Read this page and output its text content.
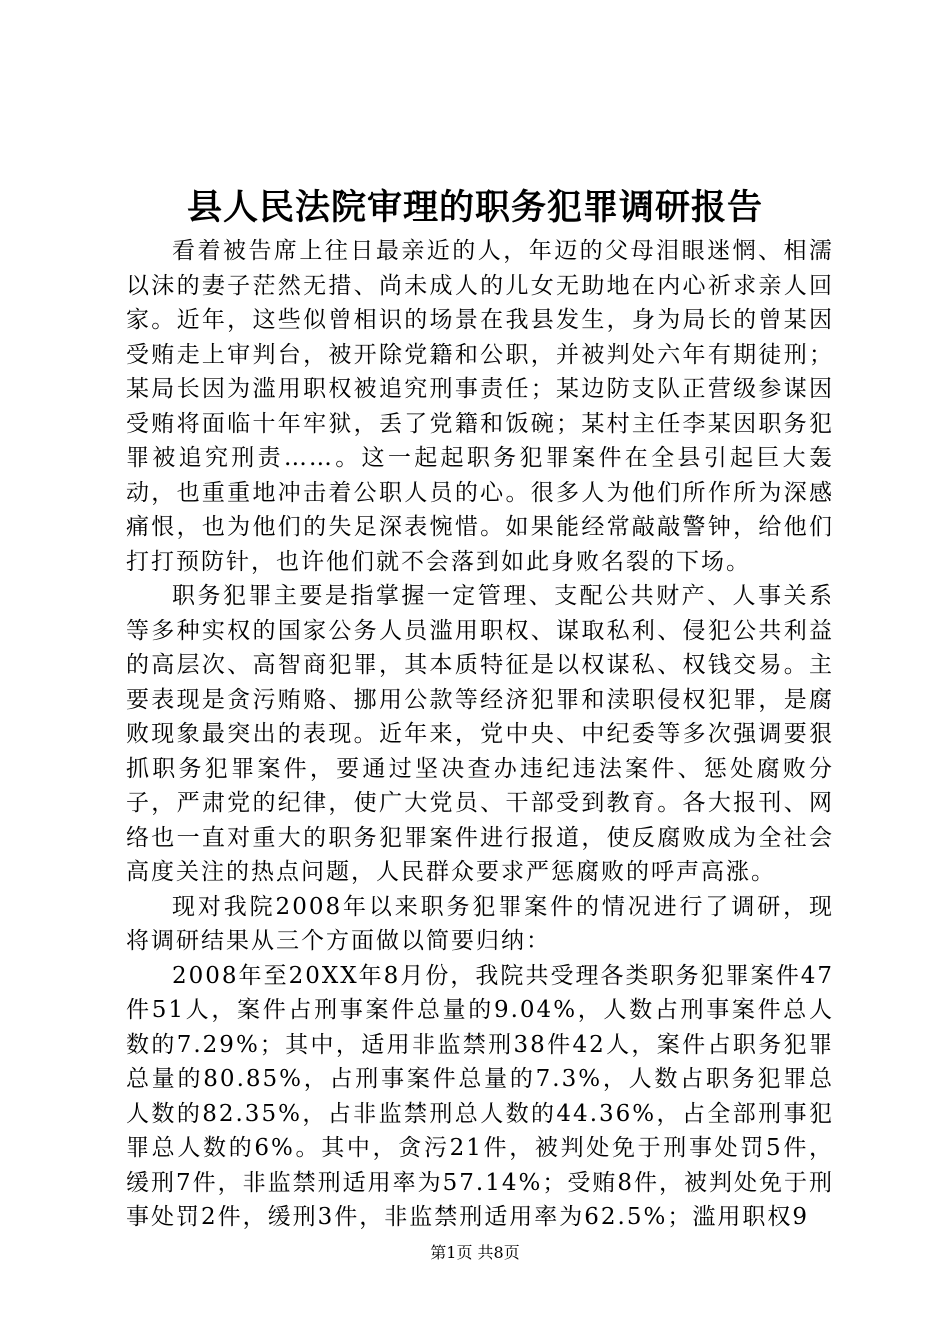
县人民法院审理的职务犯罪调研报告

看着被告席上往日最亲近的人，年迈的父母泪眼迷惘、相濡以沫的妻子茫然无措、尚未成人的儿女无助地在内心祈求亲人回家。近年，这些似曾相识的场景在我县发生，身为局长的曾某因受贿走上审判台，被开除党籍和公职，并被判处六年有期徒刑；某局长因为滥用职权被追究刑事责任；某边防支队正营级参谋因受贿将面临十年牢狱，丢了党籍和饭碗；某村主任李某因职务犯罪被追究刑责……。这一起起职务犯罪案件在全县引起巨大轰动，也重重地冲击着公职人员的心。很多人为他们所作所为深感痛恨，也为他们的失足深表惋惜。如果能经常敲敲警钟，给他们打打预防针，也许他们就不会落到如此身败名裂的下场。

职务犯罪主要是指掌握一定管理、支配公共财产、人事关系等多种实权的国家公务人员滥用职权、谋取私利、侵犯公共利益的高层次、高智商犯罪，其本质特征是以权谋私、权钱交易。主要表现是贪污贿赂、挪用公款等经济犯罪和渎职侵权犯罪，是腐败现象最突出的表现。近年来，党中央、中纪委等多次强调要狠抓职务犯罪案件，要通过坚决查办违纪违法案件、惩处腐败分子，严肃党的纪律，使广大党员、干部受到教育。各大报刊、网络也一直对重大的职务犯罪案件进行报道，使反腐败成为全社会高度关注的热点问题，人民群众要求严惩腐败的呼声高涨。

现对我院2008年以来职务犯罪案件的情况进行了调研，现将调研结果从三个方面做以简要归纳：

2008年至20XX年8月份，我院共受理各类职务犯罪案件47件51人，案件占刑事案件总量的9.04%，人数占刑事案件总人数的7.29%；其中，适用非监禁刑38件42人，案件占职务犯罪总量的80.85%，占刑事案件总量的7.3%，人数占职务犯罪总人数的82.35%，占非监禁刑总人数的44.36%，占全部刑事犯罪总人数的6%。其中，贪污21件，被判处免于刑事处罚5件，缓刑7件，非监禁刑适用率为57.14%；受贿8件，被判处免于刑事处罚2件，缓刑3件，非监禁刑适用率为62.5%；滥用职权9

第1页 共8页
